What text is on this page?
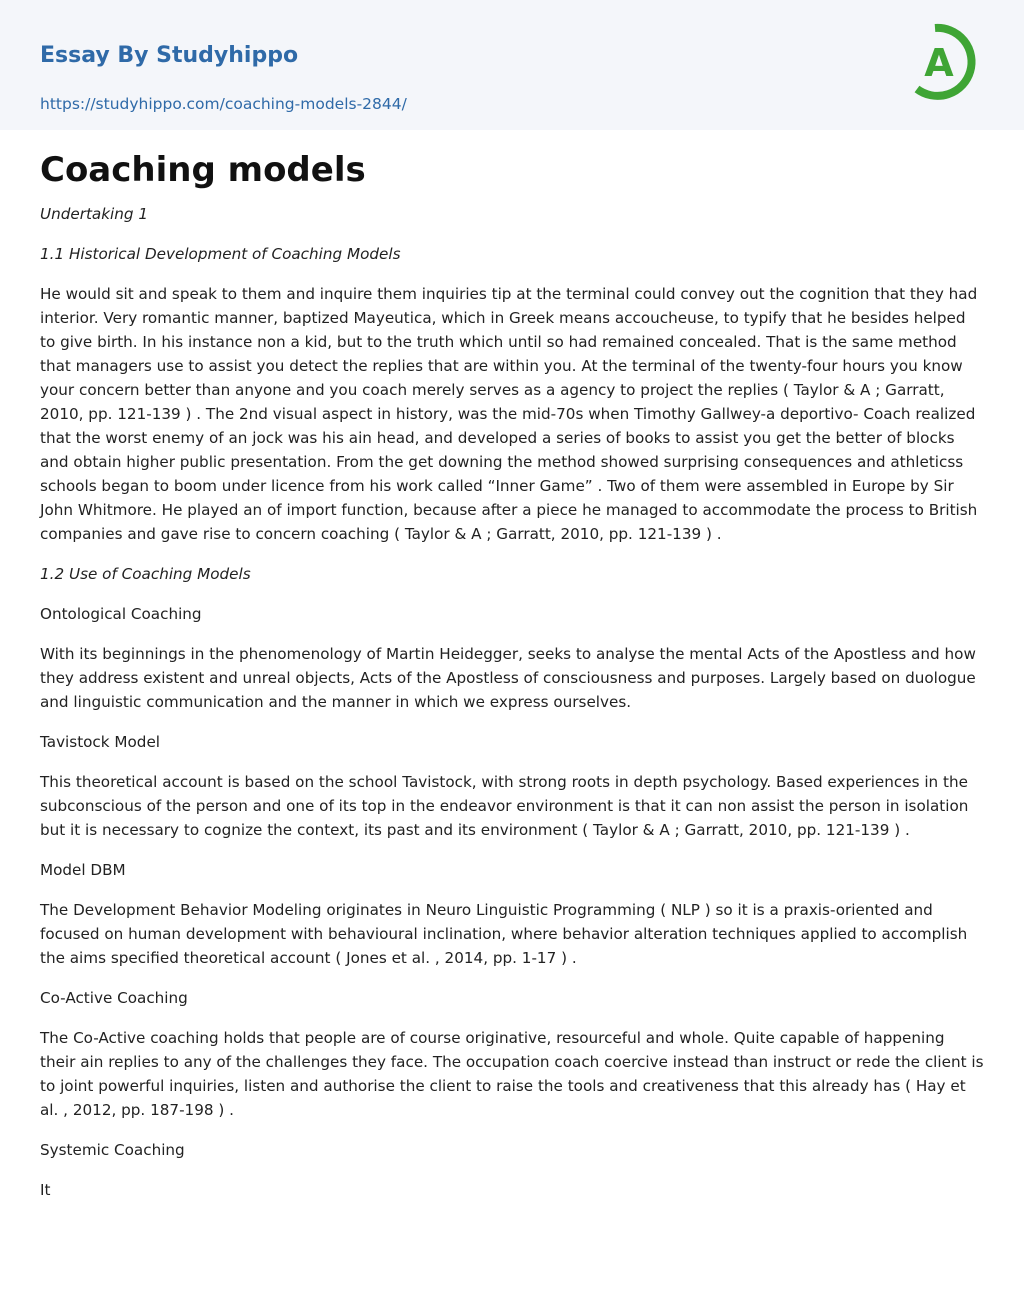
Essay By Studyhippo
https://studyhippo.com/coaching-models-2844/
A
Coaching models

Undertaking 1

1.1 Historical Development of Coaching Models

He would sit and speak to them and inquire them inquiries tip at the terminal could convey out the cognition that they had interior. Very romantic manner, baptized Mayeutica, which in Greek means accoucheuse, to typify that he besides helped to give birth. In his instance non a kid, but to the truth which until so had remained concealed. That is the same method that managers use to assist you detect the replies that are within you. At the terminal of the twenty-four hours you know your concern better than anyone and you coach merely serves as a agency to project the replies ( Taylor & A ; Garratt, 2010, pp. 121-139 ) . The 2nd visual aspect in history, was the mid-70s when Timothy Gallwey-a deportivo- Coach realized that the worst enemy of an jock was his ain head, and developed a series of books to assist you get the better of blocks and obtain higher public presentation. From the get downing the method showed surprising consequences and athleticss schools began to boom under licence from his work called “Inner Game” . Two of them were assembled in Europe by Sir John Whitmore. He played an of import function, because after a piece he managed to accommodate the process to British companies and gave rise to concern coaching ( Taylor & A ; Garratt, 2010, pp. 121-139 ) .

1.2 Use of Coaching Models

Ontological Coaching

With its beginnings in the phenomenology of Martin Heidegger, seeks to analyse the mental Acts of the Apostless and how they address existent and unreal objects, Acts of the Apostless of consciousness and purposes. Largely based on duologue and linguistic communication and the manner in which we express ourselves.

Tavistock Model

This theoretical account is based on the school Tavistock, with strong roots in depth psychology. Based experiences in the subconscious of the person and one of its top in the endeavor environment is that it can non assist the person in isolation but it is necessary to cognize the context, its past and its environment ( Taylor & A ; Garratt, 2010, pp. 121-139 ) .

Model DBM

The Development Behavior Modeling originates in Neuro Linguistic Programming ( NLP ) so it is a praxis-oriented and focused on human development with behavioural inclination, where behavior alteration techniques applied to accomplish the aims specified theoretical account ( Jones et al. , 2014, pp. 1-17 ) .

Co-Active Coaching

The Co-Active coaching holds that people are of course originative, resourceful and whole. Quite capable of happening their ain replies to any of the challenges they face. The occupation coach coercive instead than instruct or rede the client is to joint powerful inquiries, listen and authorise the client to raise the tools and creativeness that this already has ( Hay et al. , 2012, pp. 187-198 ) .

Systemic Coaching

It
